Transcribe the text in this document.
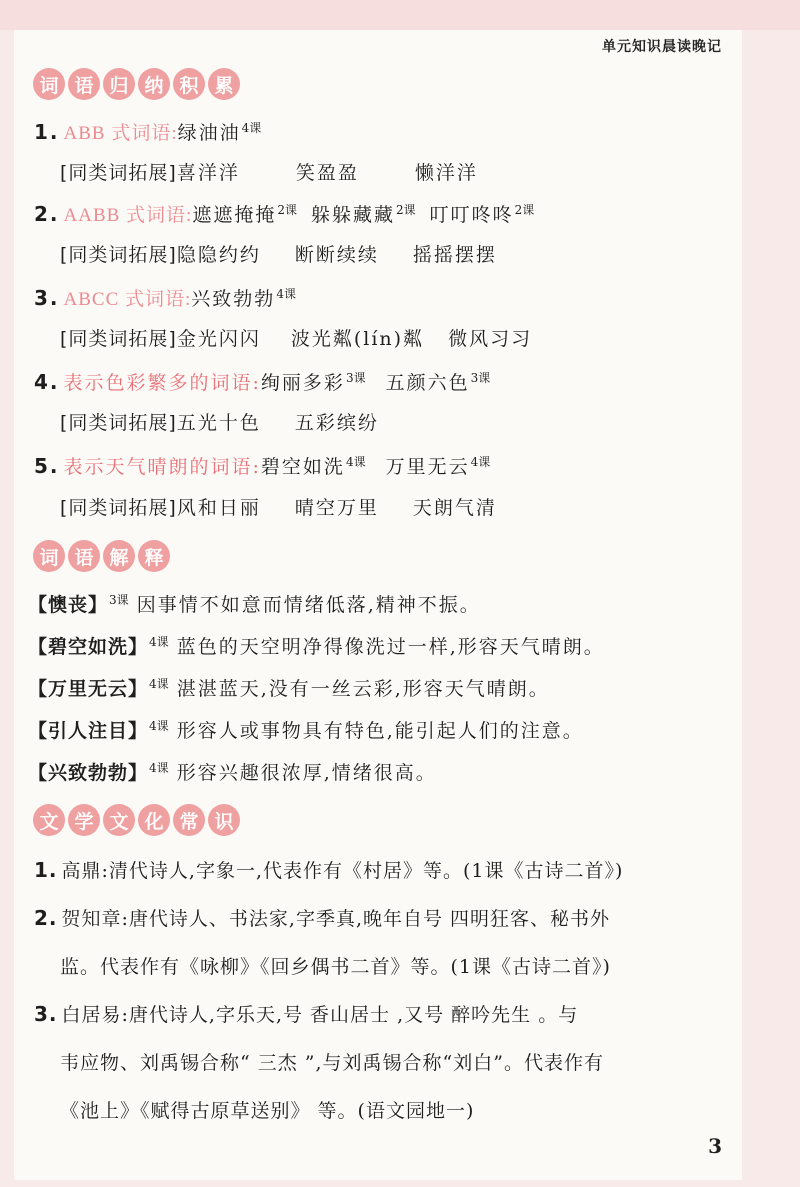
单元知识晨读晚记
词 语 归 纳 积 累
1. ABB 式词语:绿油油$^{4课}$
[同类词拓展]喜洋洋	笑盈盈	懒洋洋
2. AABB 式词语:遮遮掩掩$^{2课}$ 躲躲藏藏$^{2课}$ 叮叮咚咚$^{2课}$
[同类词拓展]隐隐约约 断断续续 摇摇摆摆
3. ABCC 式词语:兴致勃勃$^{4课}$
[同类词拓展]金光闪闪 波光粼(lín)粼 微风习习
4. 表示色彩繁多的词语:绚丽多彩$^{3课}$ 五颜六色$^{3课}$
[同类词拓展]五光十色 五彩缤纷
5. 表示天气晴朗的词语:碧空如洗$^{4课}$ 万里无云$^{4课}$
[同类词拓展]风和日丽 晴空万里 天朗气清
词 语 解 释
【懊丧】$^{3课}$ 因事情不如意而情绪低落,精神不振。
【碧空如洗】$^{4课}$ 蓝色的天空明净得像洗过一样,形容天气晴朗。
【万里无云】$^{4课}$ 湛湛蓝天,没有一丝云彩,形容天气晴朗。
【引人注目】$^{4课}$ 形容人或事物具有特色,能引起人们的注意。
【兴致勃勃】$^{4课}$ 形容兴趣很浓厚,情绪很高。
文 学 文 化 常 识
1. 高鼎:清代诗人,字象一,代表作有《村居》等。(1课《古诗二首》)
2. 贺知章:唐代诗人、书法家,字季真,晚年自号 四明狂客、秘书外
监。代表作有《咏柳》《回乡偶书二首》等。(1课《古诗二首》)
3. 白居易:唐代诗人,字乐天,号 香山居士 ,又号 醉吟先生 。与
韦应物、刘禹锡合称“ 三杰 ”,与刘禹锡合称“刘白”。代表作有
《池上》《赋得古原草送别》 等。(语文园地一)
3
